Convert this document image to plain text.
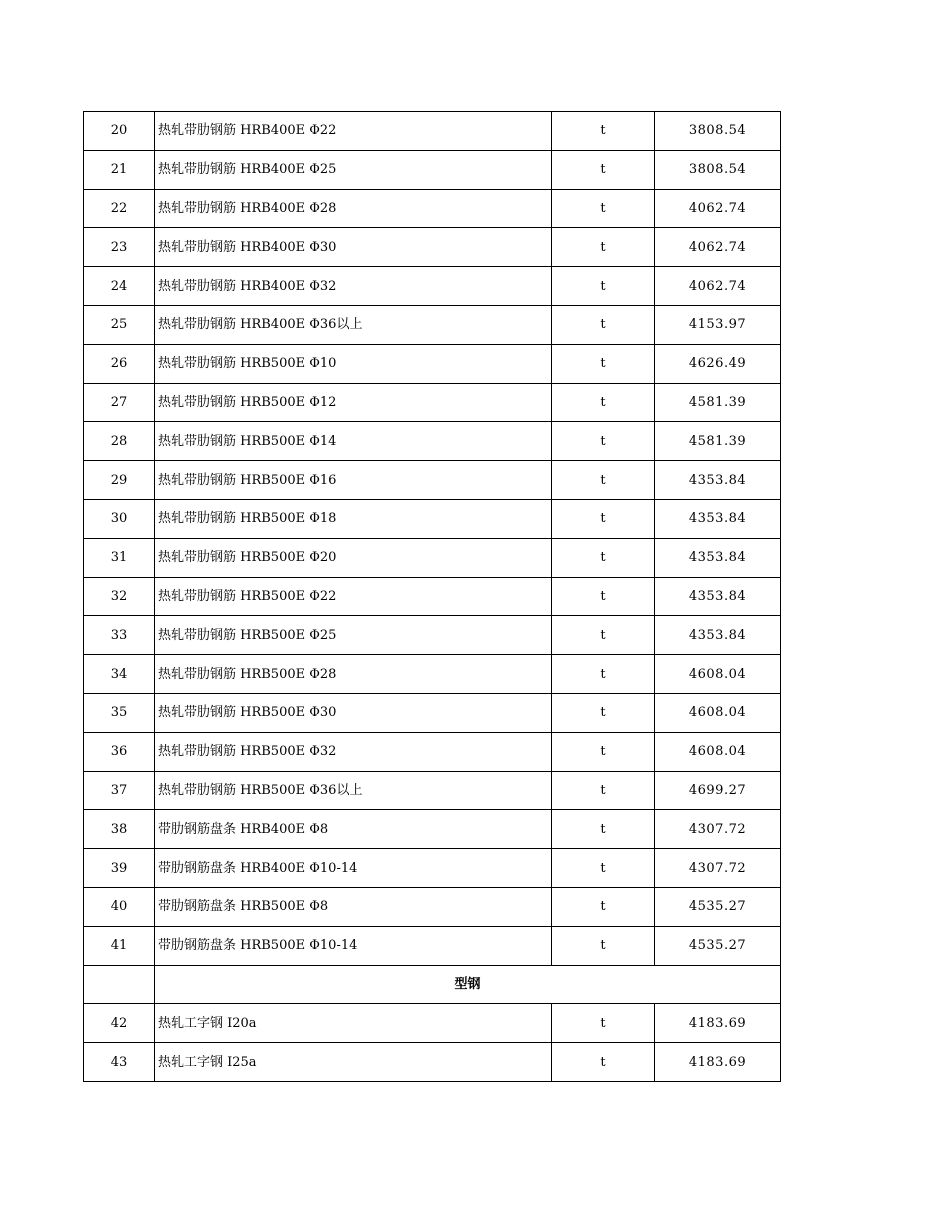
20	热轧带肋钢筋 HRB400E Φ22	t	3808.54
21	热轧带肋钢筋 HRB400E Φ25	t	3808.54
22	热轧带肋钢筋 HRB400E Φ28	t	4062.74
23	热轧带肋钢筋 HRB400E Φ30	t	4062.74
24	热轧带肋钢筋 HRB400E Φ32	t	4062.74
25	热轧带肋钢筋 HRB400E Φ36以上	t	4153.97
26	热轧带肋钢筋 HRB500E Φ10	t	4626.49
27	热轧带肋钢筋 HRB500E Φ12	t	4581.39
28	热轧带肋钢筋 HRB500E Φ14	t	4581.39
29	热轧带肋钢筋 HRB500E Φ16	t	4353.84
30	热轧带肋钢筋 HRB500E Φ18	t	4353.84
31	热轧带肋钢筋 HRB500E Φ20	t	4353.84
32	热轧带肋钢筋 HRB500E Φ22	t	4353.84
33	热轧带肋钢筋 HRB500E Φ25	t	4353.84
34	热轧带肋钢筋 HRB500E Φ28	t	4608.04
35	热轧带肋钢筋 HRB500E Φ30	t	4608.04
36	热轧带肋钢筋 HRB500E Φ32	t	4608.04
37	热轧带肋钢筋 HRB500E Φ36以上	t	4699.27
38	带肋钢筋盘条 HRB400E Φ8	t	4307.72
39	带肋钢筋盘条 HRB400E Φ10-14	t	4307.72
40	带肋钢筋盘条 HRB500E Φ8	t	4535.27
41	带肋钢筋盘条 HRB500E Φ10-14	t	4535.27
	型钢		
42	热轧工字钢 I20a	t	4183.69
43	热轧工字钢 I25a	t	4183.69
